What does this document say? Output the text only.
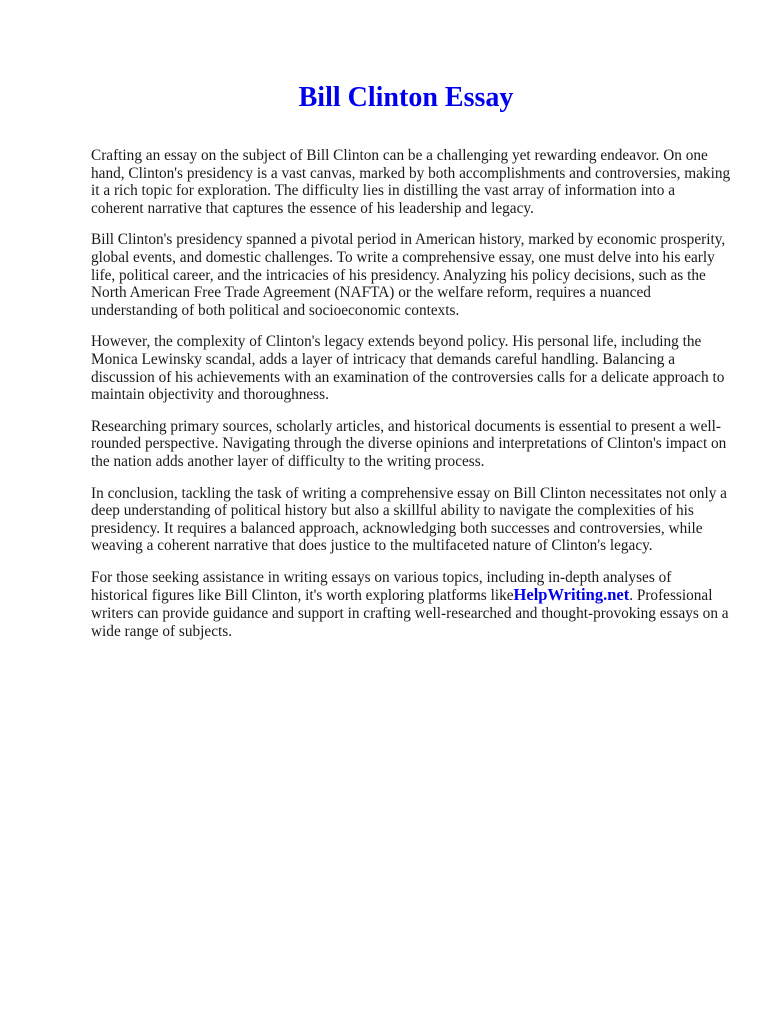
Bill Clinton Essay

Crafting an essay on the subject of Bill Clinton can be a challenging yet rewarding endeavor. On one hand, Clinton's presidency is a vast canvas, marked by both accomplishments and controversies, making it a rich topic for exploration. The difficulty lies in distilling the vast array of information into a coherent narrative that captures the essence of his leadership and legacy.

Bill Clinton's presidency spanned a pivotal period in American history, marked by economic prosperity, global events, and domestic challenges. To write a comprehensive essay, one must delve into his early life, political career, and the intricacies of his presidency. Analyzing his policy decisions, such as the North American Free Trade Agreement (NAFTA) or the welfare reform, requires a nuanced understanding of both political and socioeconomic contexts.

However, the complexity of Clinton's legacy extends beyond policy. His personal life, including the Monica Lewinsky scandal, adds a layer of intricacy that demands careful handling. Balancing a discussion of his achievements with an examination of the controversies calls for a delicate approach to maintain objectivity and thoroughness.

Researching primary sources, scholarly articles, and historical documents is essential to present a well-rounded perspective. Navigating through the diverse opinions and interpretations of Clinton's impact on the nation adds another layer of difficulty to the writing process.

In conclusion, tackling the task of writing a comprehensive essay on Bill Clinton necessitates not only a deep understanding of political history but also a skillful ability to navigate the complexities of his presidency. It requires a balanced approach, acknowledging both successes and controversies, while weaving a coherent narrative that does justice to the multifaceted nature of Clinton's legacy.

For those seeking assistance in writing essays on various topics, including in-depth analyses of historical figures like Bill Clinton, it's worth exploring platforms likeHelpWriting.net. Professional writers can provide guidance and support in crafting well-researched and thought-provoking essays on a wide range of subjects.
